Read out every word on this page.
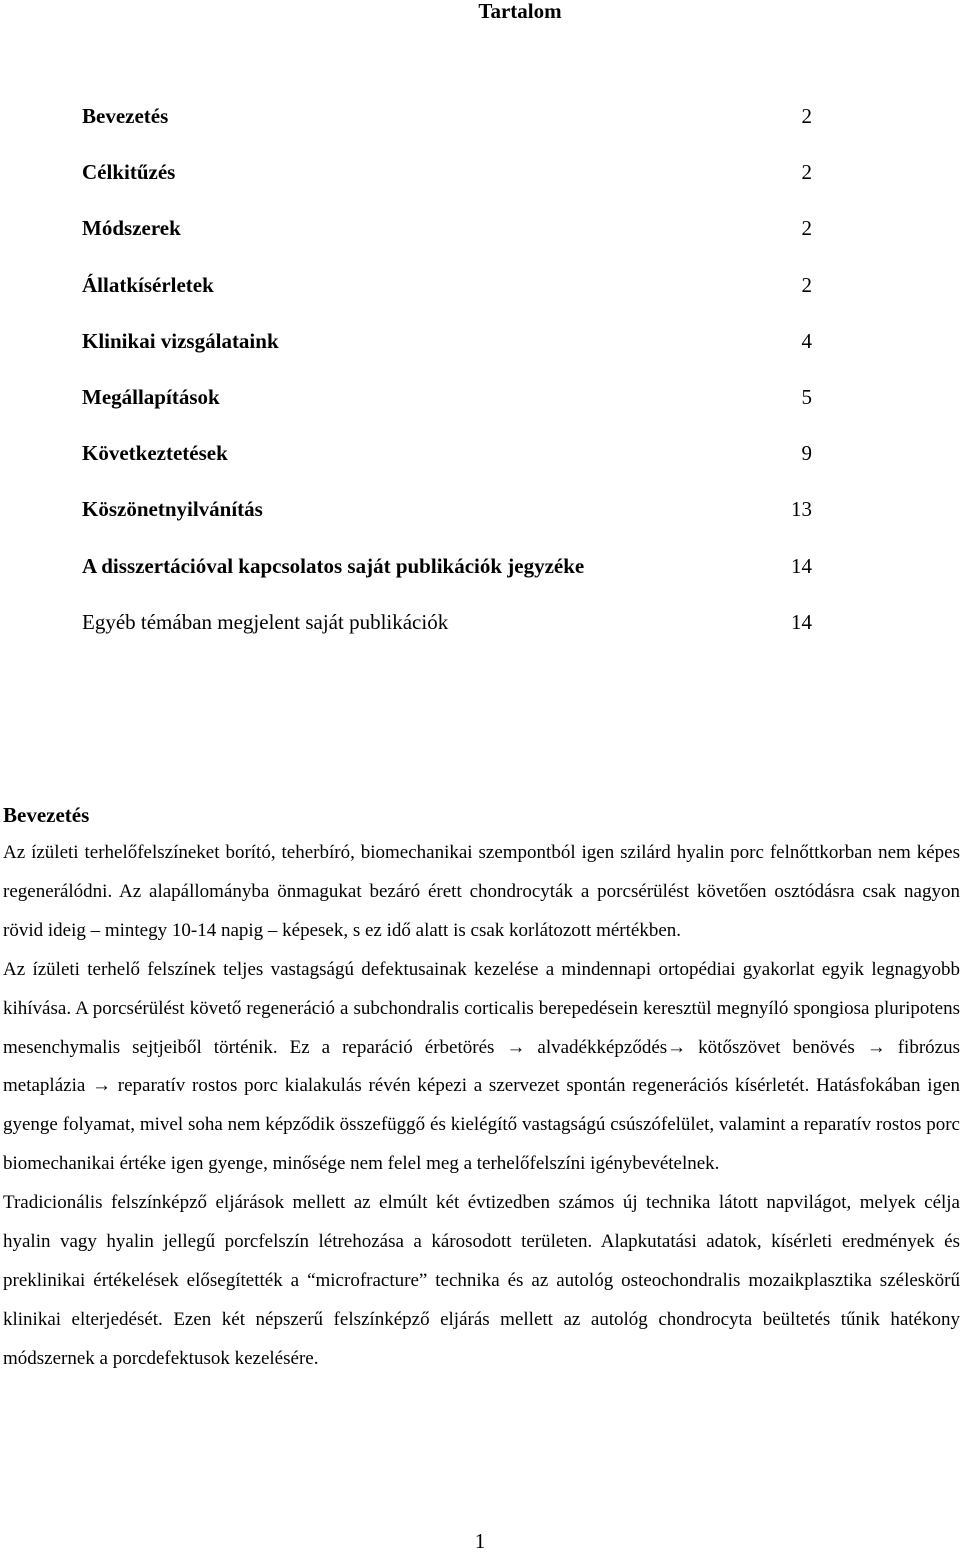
Tartalom
Bevezetés	2
Célkitűzés	2
Módszerek	2
Állatkísérletek	2
Klinikai vizsgálataink	4
Megállapítások	5
Következtetések	9
Köszönetnyilvánítás	13
A disszertációval kapcsolatos saját publikációk jegyzéke	14
Egyéb témában megjelent saját publikációk	14
Bevezetés

Az ízületi terhelőfelszíneket borító, teherbíró, biomechanikai szempontból igen szilárd hyalin porc felnőttkorban nem képes regenerálódni. Az alapállományba önmagukat bezáró érett chondrocyták a porcsérülést követően osztódásra csak nagyon rövid ideig – mintegy 10-14 napig – képesek, s ez idő alatt is csak korlátozott mértékben.

Az ízületi terhelő felszínek teljes vastagságú defektusainak kezelése a mindennapi ortopédiai gyakorlat egyik legnagyobb kihívása. A porcsérülést követő regeneráció a subchondralis corticalis berepedésein keresztül megnyíló spongiosa pluripotens mesenchymalis sejtjeiből történik. Ez a reparáció érbetörés → alvadékképződés→ kötőszövet benövés → fibrózus metaplázia → reparatív rostos porc kialakulás révén képezi a szervezet spontán regenerációs kísérletét. Hatásfokában igen gyenge folyamat, mivel soha nem képződik összefüggő és kielégítő vastagságú csúszófelület, valamint a reparatív rostos porc biomechanikai értéke igen gyenge, minősége nem felel meg a terhelőfelszíni igénybevételnek.

Tradicionális felszínképző eljárások mellett az elmúlt két évtizedben számos új technika látott napvilágot, melyek célja hyalin vagy hyalin jellegű porcfelszín létrehozása a károsodott területen. Alapkutatási adatok, kísérleti eredmények és preklinikai értékelések elősegítették a “microfracture” technika és az autológ osteochondralis mozaikplasztika széleskörű klinikai elterjedését. Ezen két népszerű felszínképző eljárás mellett az autológ chondrocyta beültetés tűnik hatékony módszernek a porcdefektusok kezelésére.

1
